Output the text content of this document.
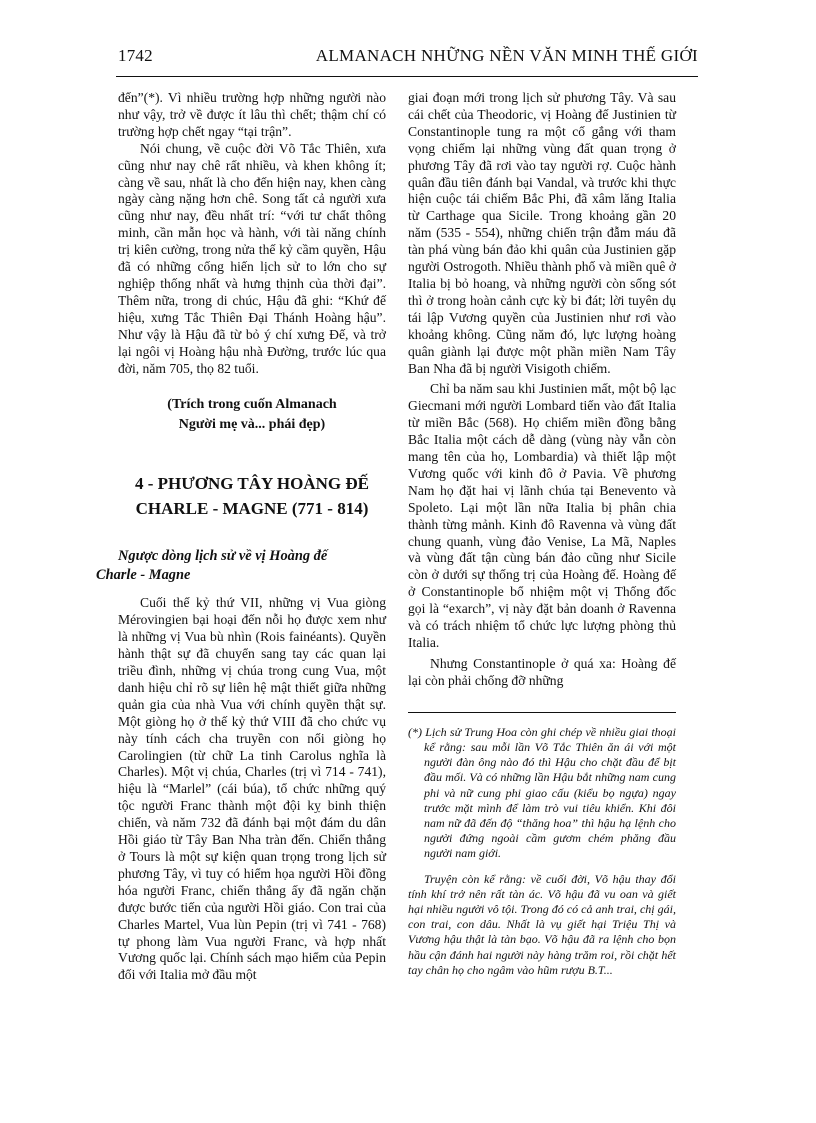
1742	ALMANACH NHỮNG NỀN VĂN MINH THẾ GIỚI

đến”(*). Vì nhiều trường hợp những người nào như vậy, trở về được ít lâu thì chết; thậm chí có trường hợp chết ngay “tại trận”.

Nói chung, về cuộc đời Võ Tắc Thiên, xưa cũng như nay chê rất nhiều, và khen không ít; càng về sau, nhất là cho đến hiện nay, khen càng ngày càng nặng hơn chê. Song tất cả người xưa cũng như nay, đều nhất trí: “với tư chất thông minh, cần mẫn học và hành, với tài năng chính trị kiên cường, trong nửa thế kỷ cầm quyền, Hậu đã có những cống hiến lịch sử to lớn cho sự nghiệp thống nhất và hưng thịnh của thời đại”. Thêm nữa, trong di chúc, Hậu đã ghi: “Khứ đế hiệu, xưng Tắc Thiên Đại Thánh Hoàng hậu”. Như vậy là Hậu đã từ bỏ ý chí xưng Đế, và trở lại ngôi vị Hoàng hậu nhà Đường, trước lúc qua đời, năm 705, thọ 82 tuổi.

(Trích trong cuốn Almanach
Người mẹ và... phái đẹp)
4 - PHƯƠNG TÂY HOÀNG ĐẾ
CHARLE - MAGNE (771 - 814)
Ngược dòng lịch sử về vị Hoàng đế
Charle - Magne

Cuối thế kỷ thứ VII, những vị Vua giòng Mérovingien bại hoại đến nỗi họ được xem như là những vị Vua bù nhìn (Rois fainéants). Quyền hành thật sự đã chuyển sang tay các quan lại triều đình, những vị chúa trong cung Vua, một danh hiệu chỉ rõ sự liên hệ mật thiết giữa những quản gia của nhà Vua với chính quyền thật sự. Một giòng họ ở thế kỷ thứ VIII đã cho chức vụ này tính cách cha truyền con nối giòng họ Carolingien (từ chữ La tinh Carolus nghĩa là Charles). Một vị chúa, Charles (trị vì 714 - 741), hiệu là “Marlel” (cái búa), tổ chức những quý tộc người Franc thành một đội kỵ binh thiện chiến, và năm 732 đã đánh bại một đám du dân Hồi giáo từ Tây Ban Nha tràn đến. Chiến thắng ở Tours là một sự kiện quan trọng trong lịch sử phương Tây, vì tuy có hiểm họa người Hồi đồng hóa người Franc, chiến thắng ấy đã ngăn chặn được bước tiến của người Hồi giáo. Con trai của Charles Martel, Vua lùn Pepin (trị vì 741 - 768) tự phong làm Vua người Franc, và hợp nhất Vương quốc lại. Chính sách mạo hiểm của Pepin đối với Italia mở đầu một

giai đoạn mới trong lịch sử phương Tây. Và sau cái chết của Theodoric, vị Hoàng đế Justinien từ Constantinople tung ra một cố gắng với tham vọng chiếm lại những vùng đất quan trọng ở phương Tây đã rơi vào tay người rợ. Cuộc hành quân đầu tiên đánh bại Vandal, và trước khi thực hiện cuộc tái chiếm Bắc Phi, đã xâm lăng Italia từ Carthage qua Sicile. Trong khoảng gần 20 năm (535 - 554), những chiến trận đẫm máu đã tàn phá vùng bán đảo khi quân của Justinien gặp người Ostrogoth. Nhiều thành phố và miền quê ở Italia bị bỏ hoang, và những người còn sống sót thì ở trong hoàn cảnh cực kỳ bi đát; lời tuyên dụ tái lập Vương quyền của Justinien như rơi vào khoảng không. Cũng năm đó, lực lượng hoàng quân giành lại được một phần miền Nam Tây Ban Nha đã bị người Visigoth chiếm.

Chỉ ba năm sau khi Justinien mất, một bộ lạc Giecmani mới người Lombard tiến vào đất Italia từ miền Bắc (568). Họ chiếm miền đồng bằng Bắc Italia một cách dễ dàng (vùng này vẫn còn mang tên của họ, Lombardia) và thiết lập một Vương quốc với kinh đô ở Pavia. Về phương Nam họ đặt hai vị lãnh chúa tại Benevento và Spoleto. Lại một lần nữa Italia bị phân chia thành từng mảnh. Kinh đô Ravenna và vùng đất chung quanh, vùng đảo Venise, La Mã, Naples và vùng đất tận cùng bán đảo cũng như Sicile còn ở dưới sự thống trị của Hoàng đế. Hoàng đế ở Constantinople bổ nhiệm một vị Thống đốc gọi là “exarch”, vị này đặt bản doanh ở Ravenna và có trách nhiệm tổ chức lực lượng phòng thủ Italia.

Nhưng Constantinople ở quá xa: Hoàng đế lại còn phải chống đỡ những

(*) Lịch sử Trung Hoa còn ghi chép về nhiều giai thoại kể rằng: sau mỗi lần Võ Tắc Thiên ăn ái với một người đàn ông nào đó thì Hậu cho chặt đầu để bịt đầu mối. Và có những lần Hậu bắt những nam cung phi và nữ cung phi giao cấu (kiểu bọ ngựa) ngay trước mặt mình để làm trò vui tiêu khiển. Khi đôi nam nữ đã đến độ “thăng hoa” thì hậu hạ lệnh cho người đứng ngoài cầm gươm chém phăng đầu người nam giới.

Truyện còn kể rằng: về cuối đời, Võ hậu thay đổi tính khí trở nên rất tàn ác. Võ hậu đã vu oan và giết hại nhiều người vô tội. Trong đó có cả anh trai, chị gái, con trai, con dâu. Nhất là vụ giết hại Triệu Thị và Vương hậu thật là tàn bạo. Võ hậu đã ra lệnh cho bọn hầu cận đánh hai người này hàng trăm roi, rồi chặt hết tay chân họ cho ngâm vào hũm rượu B.T...
